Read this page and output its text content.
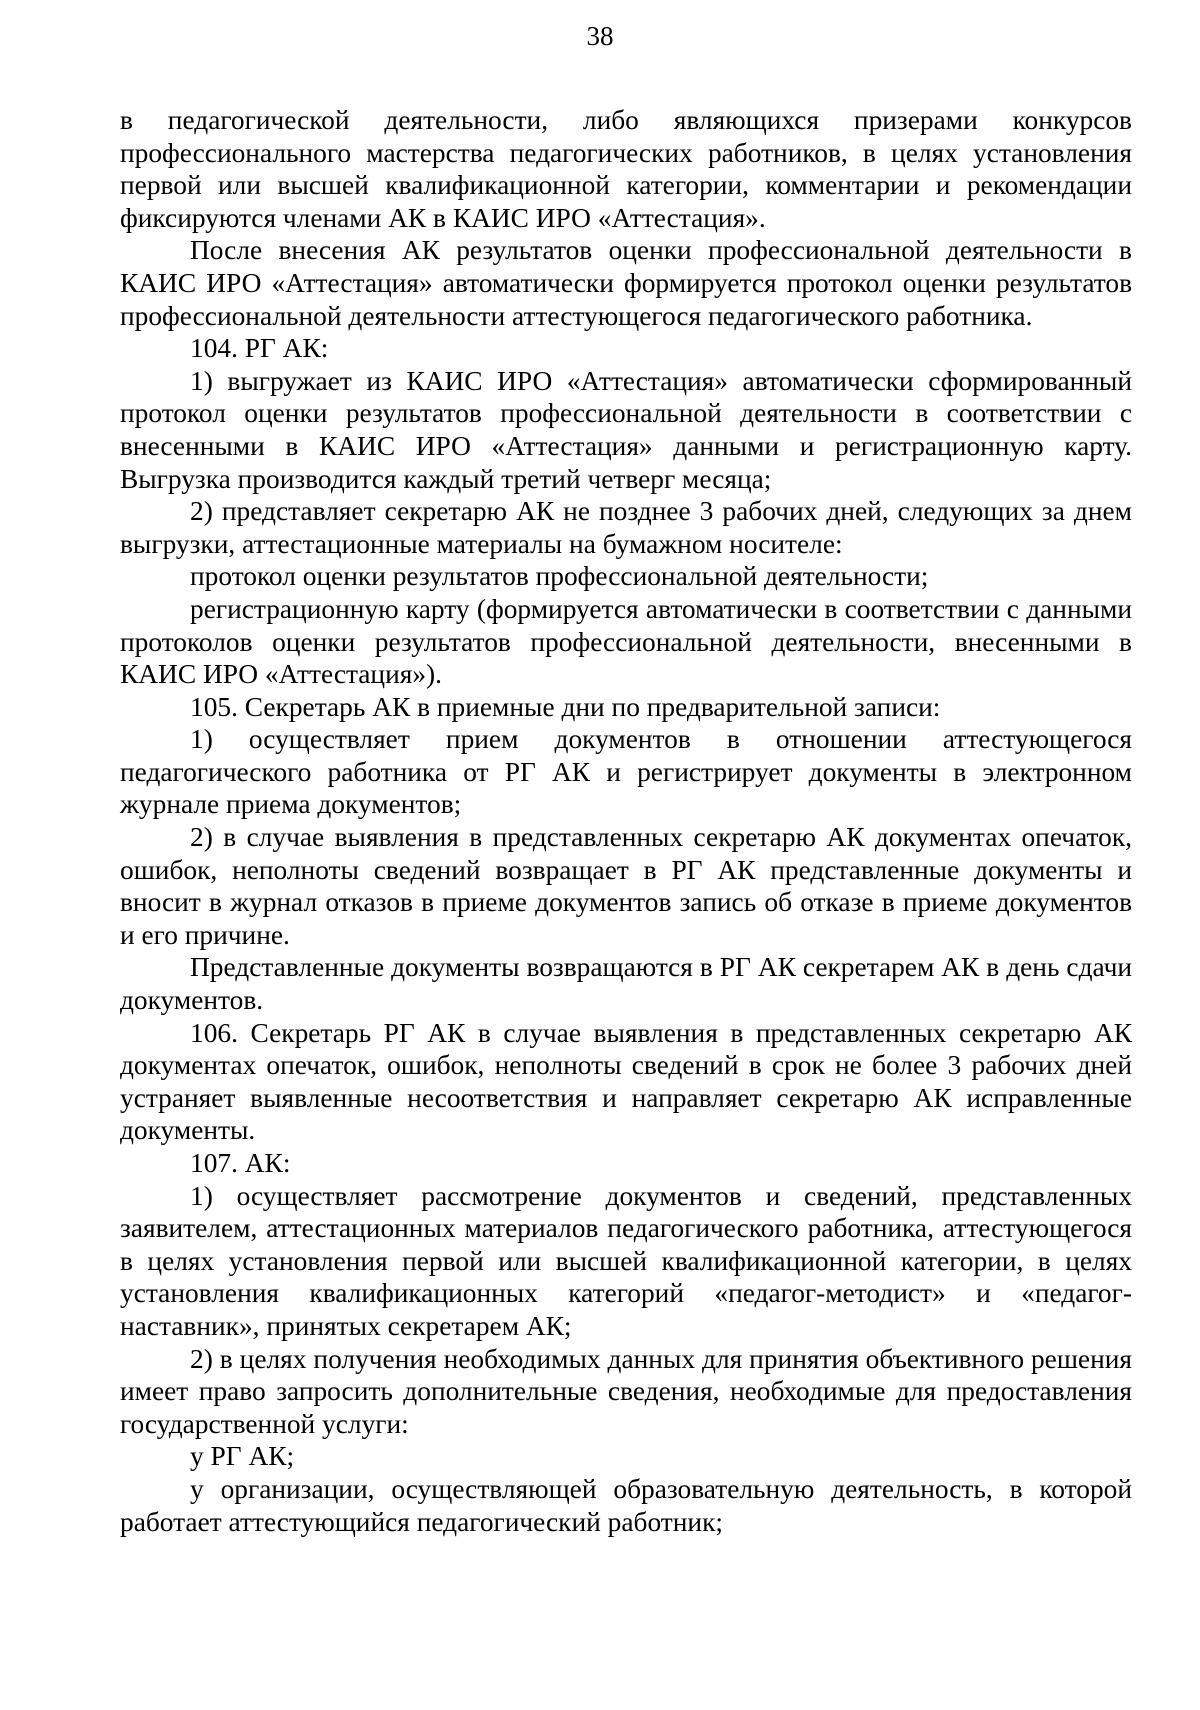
38

в педагогической деятельности, либо являющихся призерами конкурсов профессионального мастерства педагогических работников, в целях установления первой или высшей квалификационной категории, комментарии и рекомендации фиксируются членами АК в КАИС ИРО «Аттестация».

После внесения АК результатов оценки профессиональной деятельности в КАИС ИРО «Аттестация» автоматически формируется протокол оценки результатов профессиональной деятельности аттестующегося педагогического работника.

104. РГ АК:

1) выгружает из КАИС ИРО «Аттестация» автоматически сформированный протокол оценки результатов профессиональной деятельности в соответствии с внесенными в КАИС ИРО «Аттестация» данными и регистрационную карту. Выгрузка производится каждый третий четверг месяца;

2) представляет секретарю АК не позднее 3 рабочих дней, следующих за днем выгрузки, аттестационные материалы на бумажном носителе:

протокол оценки результатов профессиональной деятельности;

регистрационную карту (формируется автоматически в соответствии с данными протоколов оценки результатов профессиональной деятельности, внесенными в КАИС ИРО «Аттестация»).

105. Секретарь АК в приемные дни по предварительной записи:

1) осуществляет прием документов в отношении аттестующегося педагогического работника от РГ АК и регистрирует документы в электронном журнале приема документов;

2) в случае выявления в представленных секретарю АК документах опечаток, ошибок, неполноты сведений возвращает в РГ АК представленные документы и вносит в журнал отказов в приеме документов запись об отказе в приеме документов и его причине.

Представленные документы возвращаются в РГ АК секретарем АК в день сдачи документов.

106. Секретарь РГ АК в случае выявления в представленных секретарю АК документах опечаток, ошибок, неполноты сведений в срок не более 3 рабочих дней устраняет выявленные несоответствия и направляет секретарю АК исправленные документы.

107. АК:

1) осуществляет рассмотрение документов и сведений, представленных заявителем, аттестационных материалов педагогического работника, аттестующегося в целях установления первой или высшей квалификационной категории, в целях установления квалификационных категорий «педагог-методист» и «педагог-наставник», принятых секретарем АК;

2) в целях получения необходимых данных для принятия объективного решения имеет право запросить дополнительные сведения, необходимые для предоставления государственной услуги:

у РГ АК;

у организации, осуществляющей образовательную деятельность, в которой работает аттестующийся педагогический работник;
